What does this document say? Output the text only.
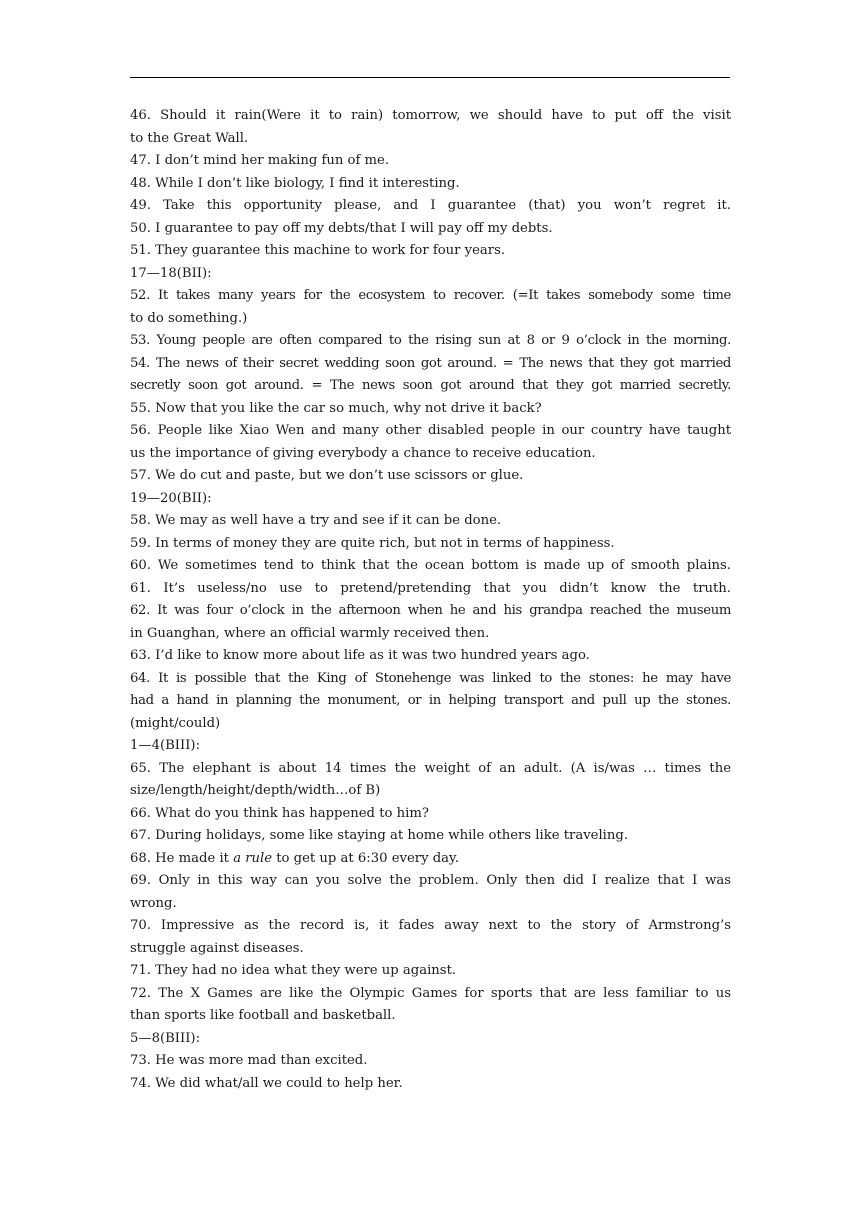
46. Should it rain(Were it to rain) tomorrow, we should have to put off the visit
to the Great Wall.
47. I don’t mind her making fun of me.
48. While I don’t like biology, I find it interesting.
49. Take this opportunity please, and I guarantee (that) you won’t regret it.
50. I guarantee to pay off my debts/that I will pay off my debts.
51. They guarantee this machine to work for four years.
17—18(BII):
52. It takes many years for the ecosystem to recover. (=It takes somebody some time
to do something.)
53. Young people are often compared to the rising sun at 8 or 9 o’clock in the morning.
54. The news of their secret wedding soon got around. = The news that they got married
secretly soon got around. = The news soon got around that they got married secretly.
55. Now that you like the car so much, why not drive it back?
56. People like Xiao Wen and many other disabled people in our country have taught
us the importance of giving everybody a chance to receive education.
57. We do cut and paste, but we don’t use scissors or glue.
19—20(BII):
58. We may as well have a try and see if it can be done.
59. In terms of money they are quite rich, but not in terms of happiness.
60. We sometimes tend to think that the ocean bottom is made up of smooth plains.
61. It’s useless/no use to pretend/pretending that you didn’t know the truth.
62. It was four o’clock in the afternoon when he and his grandpa reached the museum
in Guanghan, where an official warmly received then.
63. I’d like to know more about life as it was two hundred years ago.
64. It is possible that the King of Stonehenge was linked to the stones: he may have
had a hand in planning the monument, or in helping transport and pull up the stones.
(might/could)
1—4(BIII):
65. The elephant is about 14 times the weight of an adult. (A is/was … times the
size/length/height/depth/width…of B)
66. What do you think has happened to him?
67. During holidays, some like staying at home while others like traveling.
68. He made it a rule to get up at 6:30 every day.
69. Only in this way can you solve the problem. Only then did I realize that I was
wrong.
70. Impressive as the record is, it fades away next to the story of Armstrong’s
struggle against diseases.
71. They had no idea what they were up against.
72. The X Games are like the Olympic Games for sports that are less familiar to us
than sports like football and basketball.
5—8(BIII):
73. He was more mad than excited.
74. We did what/all we could to help her.
